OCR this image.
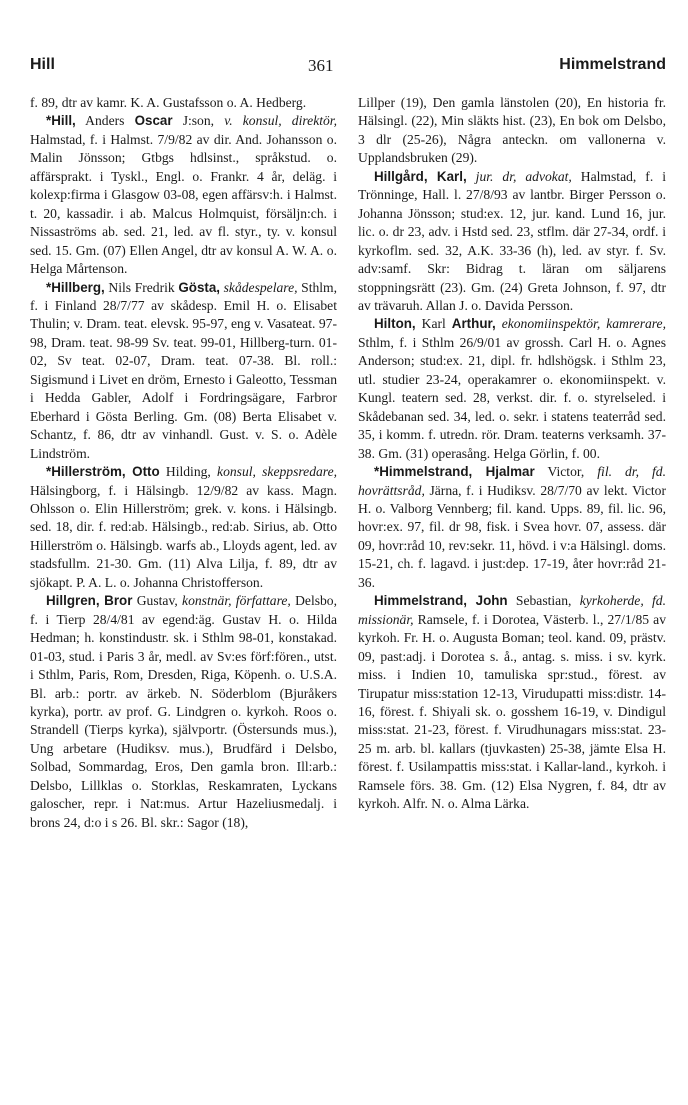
Hill	361	Himmelstrand

f. 89, dtr av kamr. K. A. Gustafsson o. A. Hedberg.

*Hill, Anders Oscar J:son, v. konsul, direktör, Halmstad, f. i Halmst. 7/9/82 av dir. And. Johansson o. Malin Jönsson; Gtbgs hdlsinst., språkstud. o. affärsprakt. i Tyskl., Engl. o. Frankr. 4 år, deläg. i kolexp:firma i Glasgow 03-08, egen affärsv:h. i Halmst. t. 20, kassadir. i ab. Malcus Holmquist, försäljn:ch. i Nissaströms ab. sed. 21, led. av fl. styr., ty. v. konsul sed. 15. Gm. (07) Ellen Angel, dtr av konsul A. W. A. o. Helga Mårtenson.

*Hillberg, Nils Fredrik Gösta, skådespelare, Sthlm, f. i Finland 28/7/77 av skådesp. Emil H. o. Elisabet Thulin; v. Dram. teat. elevsk. 95-97, eng v. Vasateat. 97-98, Dram. teat. 98-99 Sv. teat. 99-01, Hillberg-turn. 01-02, Sv teat. 02-07, Dram. teat. 07-38. Bl. roll.: Sigismund i Livet en dröm, Ernesto i Galeotto, Tessman i Hedda Gabler, Adolf i Fordringsägare, Farbror Eberhard i Gösta Berling. Gm. (08) Berta Elisabet v. Schantz, f. 86, dtr av vinhandl. Gust. v. S. o. Adèle Lindström.

*Hillerström, Otto Hilding, konsul, skeppsredare, Hälsingborg, f. i Hälsingb. 12/9/82 av kass. Magn. Ohlsson o. Elin Hillerström; grek. v. kons. i Hälsingb. sed. 18, dir. f. red:ab. Hälsingb., red:ab. Sirius, ab. Otto Hillerström o. Hälsingb. warfs ab., Lloyds agent, led. av stadsfullm. 21-30. Gm. (11) Alva Lilja, f. 89, dtr av sjökapt. P. A. L. o. Johanna Christofferson.

Hillgren, Bror Gustav, konstnär, författare, Delsbo, f. i Tierp 28/4/81 av egend:äg. Gustav H. o. Hilda Hedman; h. konstindustr. sk. i Sthlm 98-01, konstakad. 01-03, stud. i Paris 3 år, medl. av Sv:es förf:fören., utst. i Sthlm, Paris, Rom, Dresden, Riga, Köpenh. o. U.S.A. Bl. arb.: portr. av ärkeb. N. Söderblom (Bjuråkers kyrka), portr. av prof. G. Lindgren o. kyrkoh. Roos o. Strandell (Tierps kyrka), självportr. (Östersunds mus.), Ung arbetare (Hudiksv. mus.), Brudfärd i Delsbo, Solbad, Sommardag, Eros, Den gamla bron. Ill:arb.: Delsbo, Lillklas o. Storklas, Reskamraten, Lyckans galoscher, repr. i Nat:mus. Artur Hazeliusmedalj. i brons 24, d:o i s 26. Bl. skr.: Sagor (18),

Lillper (19), Den gamla länstolen (20), En historia fr. Hälsingl. (22), Min släkts hist. (23), En bok om Delsbo, 3 dlr (25-26), Några anteckn. om vallonerna v. Upplandsbruken (29).

Hillgård, Karl, jur. dr, advokat, Halmstad, f. i Trönninge, Hall. l. 27/8/93 av lantbr. Birger Persson o. Johanna Jönsson; stud:ex. 12, jur. kand. Lund 16, jur. lic. o. dr 23, adv. i Hstd sed. 23, stflm. där 27-34, ordf. i kyrkoflm. sed. 32, A.K. 33-36 (h), led. av styr. f. Sv. adv:samf. Skr: Bidrag t. läran om säljarens stoppningsrätt (23). Gm. (24) Greta Johnson, f. 97, dtr av trävaruh. Allan J. o. Davida Persson.

Hilton, Karl Arthur, ekonomiinspektör, kamrerare, Sthlm, f. i Sthlm 26/9/01 av grossh. Carl H. o. Agnes Anderson; stud:ex. 21, dipl. fr. hdlshögsk. i Sthlm 23, utl. studier 23-24, operakamrer o. ekonomiinspekt. v. Kungl. teatern sed. 28, verkst. dir. f. o. styrelseled. i Skådebanan sed. 34, led. o. sekr. i statens teaterråd sed. 35, i komm. f. utredn. rör. Dram. teaterns verksamh. 37-38. Gm. (31) operasång. Helga Görlin, f. 00.

*Himmelstrand, Hjalmar Victor, fil. dr, fd. hovrättsråd, Järna, f. i Hudiksv. 28/7/70 av lekt. Victor H. o. Valborg Vennberg; fil. kand. Upps. 89, fil. lic. 96, hovr:ex. 97, fil. dr 98, fisk. i Svea hovr. 07, assess. där 09, hovr:råd 10, rev:sekr. 11, hövd. i v:a Hälsingl. doms. 15-21, ch. f. lagavd. i just:dep. 17-19, åter hovr:råd 21-36.

Himmelstrand, John Sebastian, kyrkoherde, fd. missionär, Ramsele, f. i Dorotea, Västerb. l., 27/1/85 av kyrkoh. Fr. H. o. Augusta Boman; teol. kand. 09, prästv. 09, past:adj. i Dorotea s. å., antag. s. miss. i sv. kyrk. miss. i Indien 10, tamuliska spr:stud., förest. av Tirupatur miss:station 12-13, Virudupatti miss:distr. 14-16, förest. f. Shiyali sk. o. gosshem 16-19, v. Dindigul miss:stat. 21-23, förest. f. Virudhunagars miss:stat. 23-25 m. arb. bl. kallars (tjuvkasten) 25-38, jämte Elsa H. förest. f. Usilampattis miss:stat. i Kallar-land., kyrkoh. i Ramsele förs. 38. Gm. (12) Elsa Nygren, f. 84, dtr av kyrkoh. Alfr. N. o. Alma Lärka.
